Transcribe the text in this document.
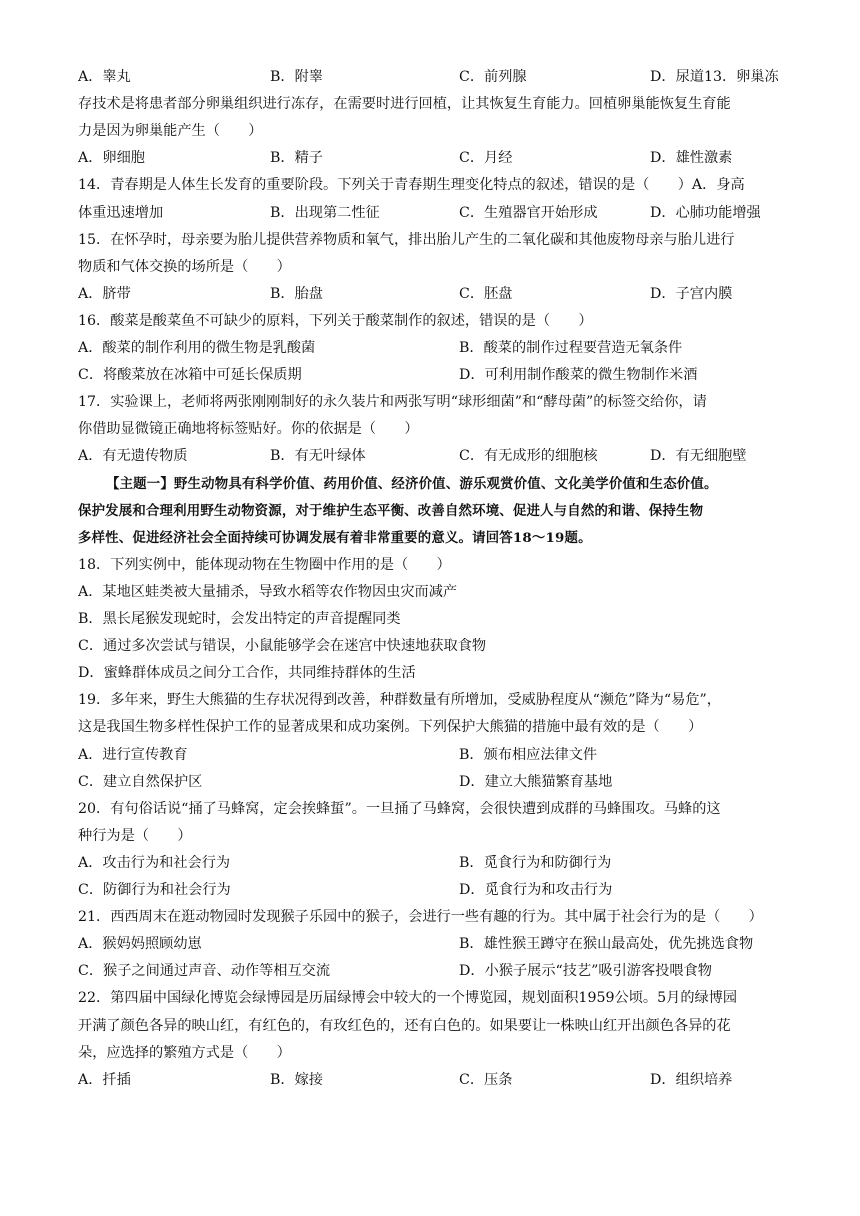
A．睾丸	B．附睾	C．前列腺	D．尿道13．卵巢冻
存技术是将患者部分卵巢组织进行冻存，在需要时进行回植，让其恢复生育能力。回植卵巢能恢复生育能
力是因为卵巢能产生（　　）
A．卵细胞	B．精子	C．月经	D．雄性激素
14．青春期是人体生长发育的重要阶段。下列关于青春期生理变化特点的叙述，错误的是（　　）A．身高
体重迅速增加	B．出现第二性征	C．生殖器官开始形成	D．心肺功能增强
15．在怀孕时，母亲要为胎儿提供营养物质和氧气，排出胎儿产生的二氧化碳和其他废物母亲与胎儿进行
物质和气体交换的场所是（　　）
A．脐带	B．胎盘	C．胚盘	D．子宫内膜
16．酸菜是酸菜鱼不可缺少的原料，下列关于酸菜制作的叙述，错误的是（　　）
A．酸菜的制作利用的微生物是乳酸菌	B．酸菜的制作过程要营造无氧条件
C．将酸菜放在冰箱中可延长保质期	D．可利用制作酸菜的微生物制作米酒
17．实验课上，老师将两张刚刚制好的永久装片和两张写明“球形细菌”和“酵母菌”的标签交给你，请
你借助显微镜正确地将标签贴好。你的依据是（　　）
A．有无遗传物质	B．有无叶绿体	C．有无成形的细胞核	D．有无细胞壁
【主题一】野生动物具有科学价值、药用价值、经济价值、游乐观赏价值、文化美学价值和生态价值。
保护发展和合理利用野生动物资源，对于维护生态平衡、改善自然环境、促进人与自然的和谐、保持生物
多样性、促进经济社会全面持续可协调发展有着非常重要的意义。请回答18～19题。
18．下列实例中，能体现动物在生物圈中作用的是（　　）
A．某地区蛙类被大量捕杀，导致水稻等农作物因虫灾而减产
B．黑长尾猴发现蛇时，会发出特定的声音提醒同类
C．通过多次尝试与错误，小鼠能够学会在迷宫中快速地获取食物
D．蜜蜂群体成员之间分工合作，共同维持群体的生活
19．多年来，野生大熊猫的生存状况得到改善，种群数量有所增加，受威胁程度从“濒危”降为“易危”，
这是我国生物多样性保护工作的显著成果和成功案例。下列保护大熊猫的措施中最有效的是（　　）
A．进行宣传教育	B．颁布相应法律文件
C．建立自然保护区	D．建立大熊猫繁育基地
20．有句俗话说“捅了马蜂窝，定会挨蜂蜇”。一旦捅了马蜂窝，会很快遭到成群的马蜂围攻。马蜂的这
种行为是（　　）
A．攻击行为和社会行为	B．觅食行为和防御行为
C．防御行为和社会行为	D．觅食行为和攻击行为
21．西西周末在逛动物园时发现猴子乐园中的猴子，会进行一些有趣的行为。其中属于社会行为的是（　　）
A．猴妈妈照顾幼崽	B．雄性猴王蹲守在猴山最高处，优先挑选食物
C．猴子之间通过声音、动作等相互交流	D．小猴子展示“技艺”吸引游客投喂食物
22．第四届中国绿化博览会绿博园是历届绿博会中较大的一个博览园，规划面积1959公顷。5月的绿博园
开满了颜色各异的映山红，有红色的，有玫红色的，还有白色的。如果要让一株映山红开出颜色各异的花
朵，应选择的繁殖方式是（　　）
A．扦插	B．嫁接	C．压条	D．组织培养
